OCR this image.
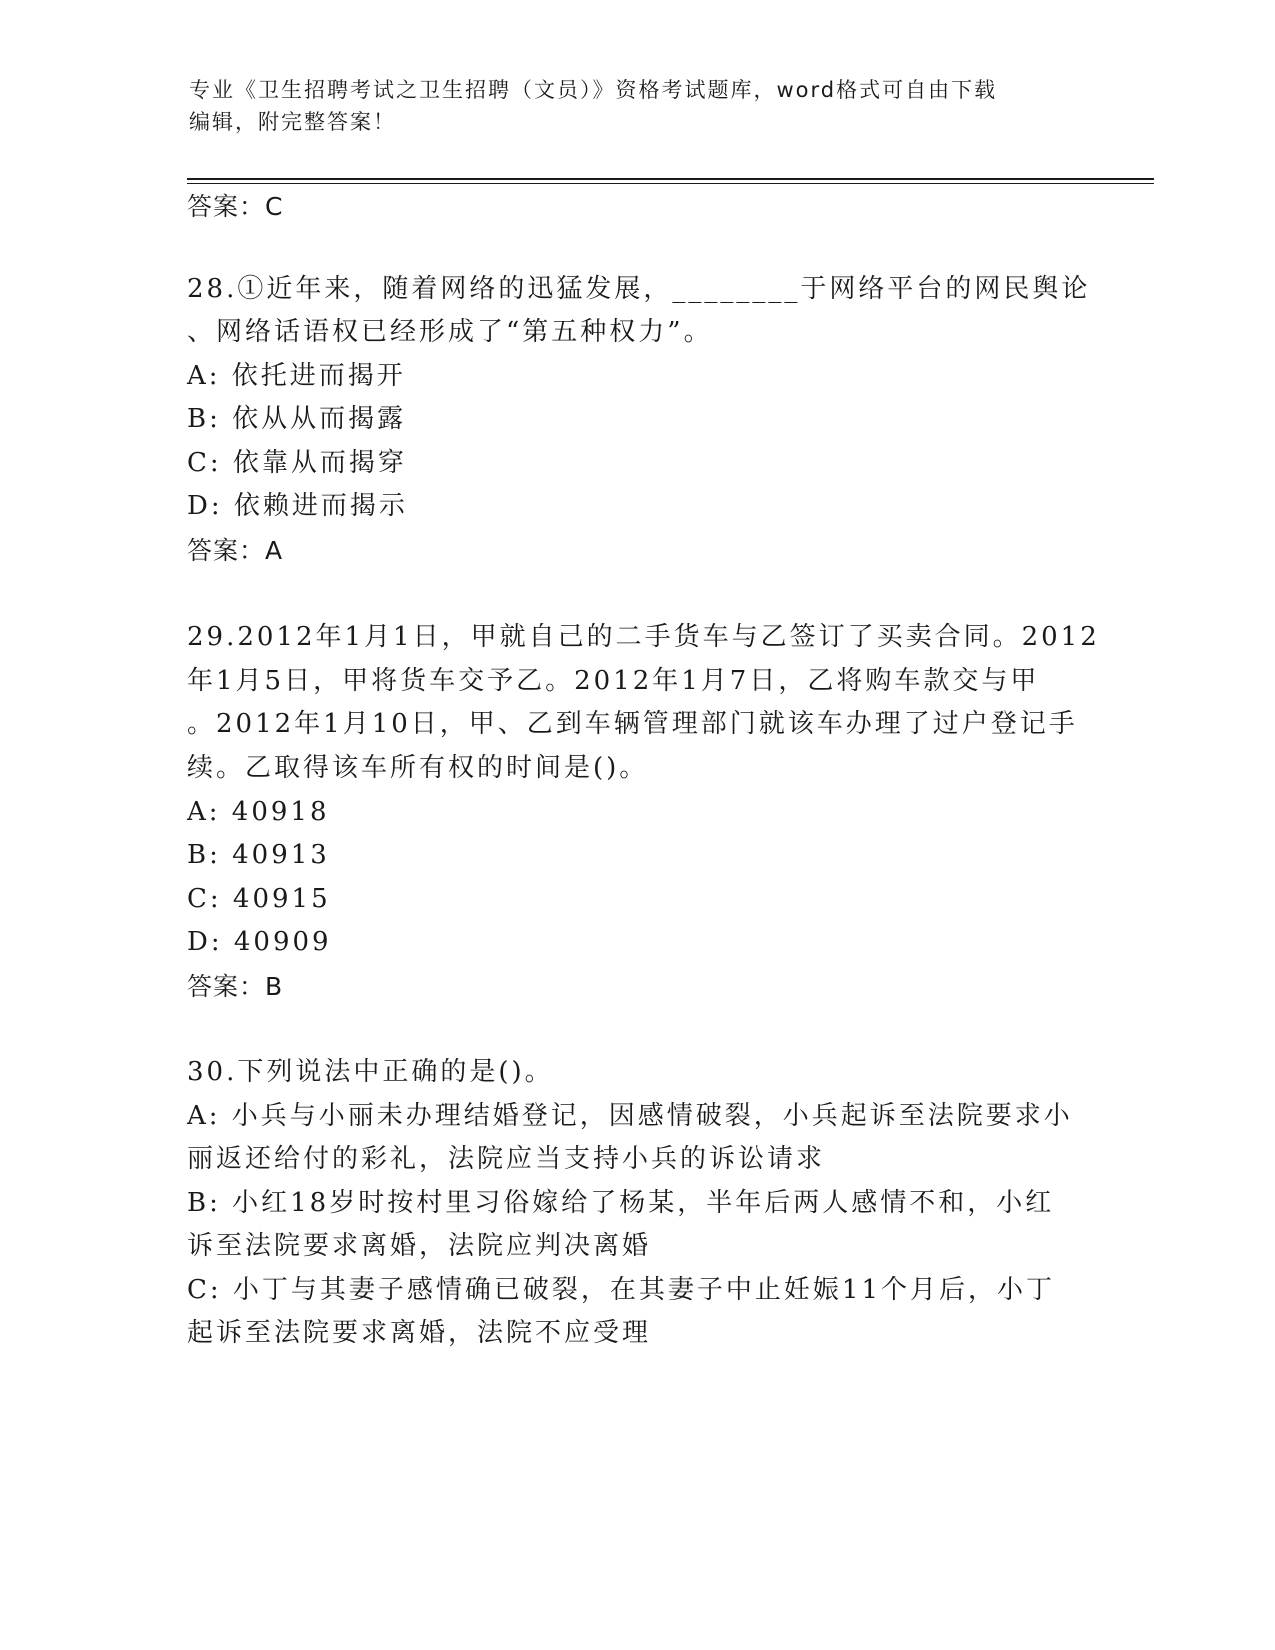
专业《卫生招聘考试之卫生招聘（文员）》资格考试题库，word格式可自由下载
编辑，附完整答案！
答案：C
28.①近年来，随着网络的迅猛发展，________于网络平台的网民舆论
、网络话语权已经形成了“第五种权力”。
A: 依托进而揭开
B: 依从从而揭露
C: 依靠从而揭穿
D: 依赖进而揭示
答案：A
29.2012年1月1日，甲就自己的二手货车与乙签订了买卖合同。2012
年1月5日，甲将货车交予乙。2012年1月7日，乙将购车款交与甲
。2012年1月10日，甲、乙到车辆管理部门就该车办理了过户登记手
续。乙取得该车所有权的时间是()。
A: 40918
B: 40913
C: 40915
D: 40909
答案：B
30.下列说法中正确的是()。
A: 小兵与小丽未办理结婚登记，因感情破裂，小兵起诉至法院要求小
丽返还给付的彩礼，法院应当支持小兵的诉讼请求
B: 小红18岁时按村里习俗嫁给了杨某，半年后两人感情不和，小红
诉至法院要求离婚，法院应判决离婚
C: 小丁与其妻子感情确已破裂，在其妻子中止妊娠11个月后，小丁
起诉至法院要求离婚，法院不应受理
